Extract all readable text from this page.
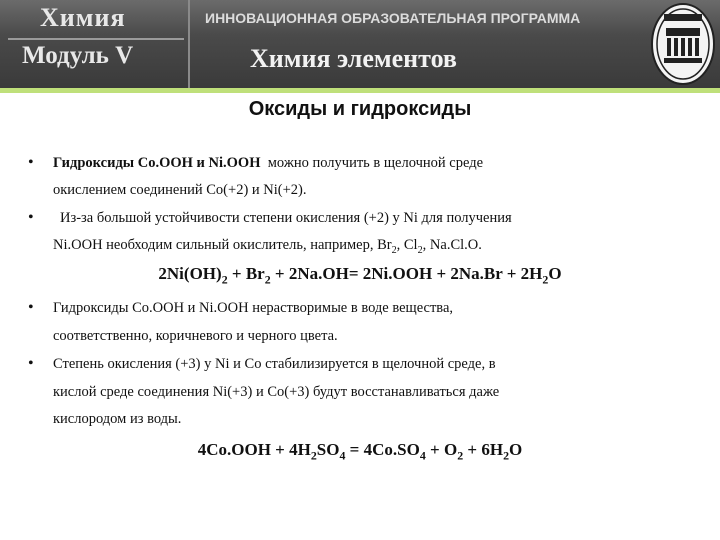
Химия
Модуль V
ИННОВАЦИОННАЯ ОБРАЗОВАТЕЛЬНАЯ ПРОГРАММА
Химия элементов
Оксиды и гидроксиды
• Гидроксиды Co.OOH и Ni.OOH можно получить в щелочной среде
окислением соединений Co(+2) и Ni(+2).
• Из-за большой устойчивости степени окисления (+2) у Ni для получения
Ni.OOH необходим сильный окислитель, например, $Br_2$, $Cl_2$, Na.Cl.O.
$2Ni(OH)_2 + Br_2 + 2Na.OH= 2Ni.OOH + 2Na.Br + 2H_2O$
• Гидроксиды Co.OOH и Ni.OOH нерастворимые в воде вещества,
соответственно, коричневого и черного цвета.
• Степень окисления (+3) у Ni и Co стабилизируется в щелочной среде, в
кислой среде соединения Ni(+3) и Co(+3) будут восстанавливаться даже
кислородом из воды.
$4Co.OOH + 4H_2SO_4 = 4Co.SO_4 + O_2 + 6H_2O$
